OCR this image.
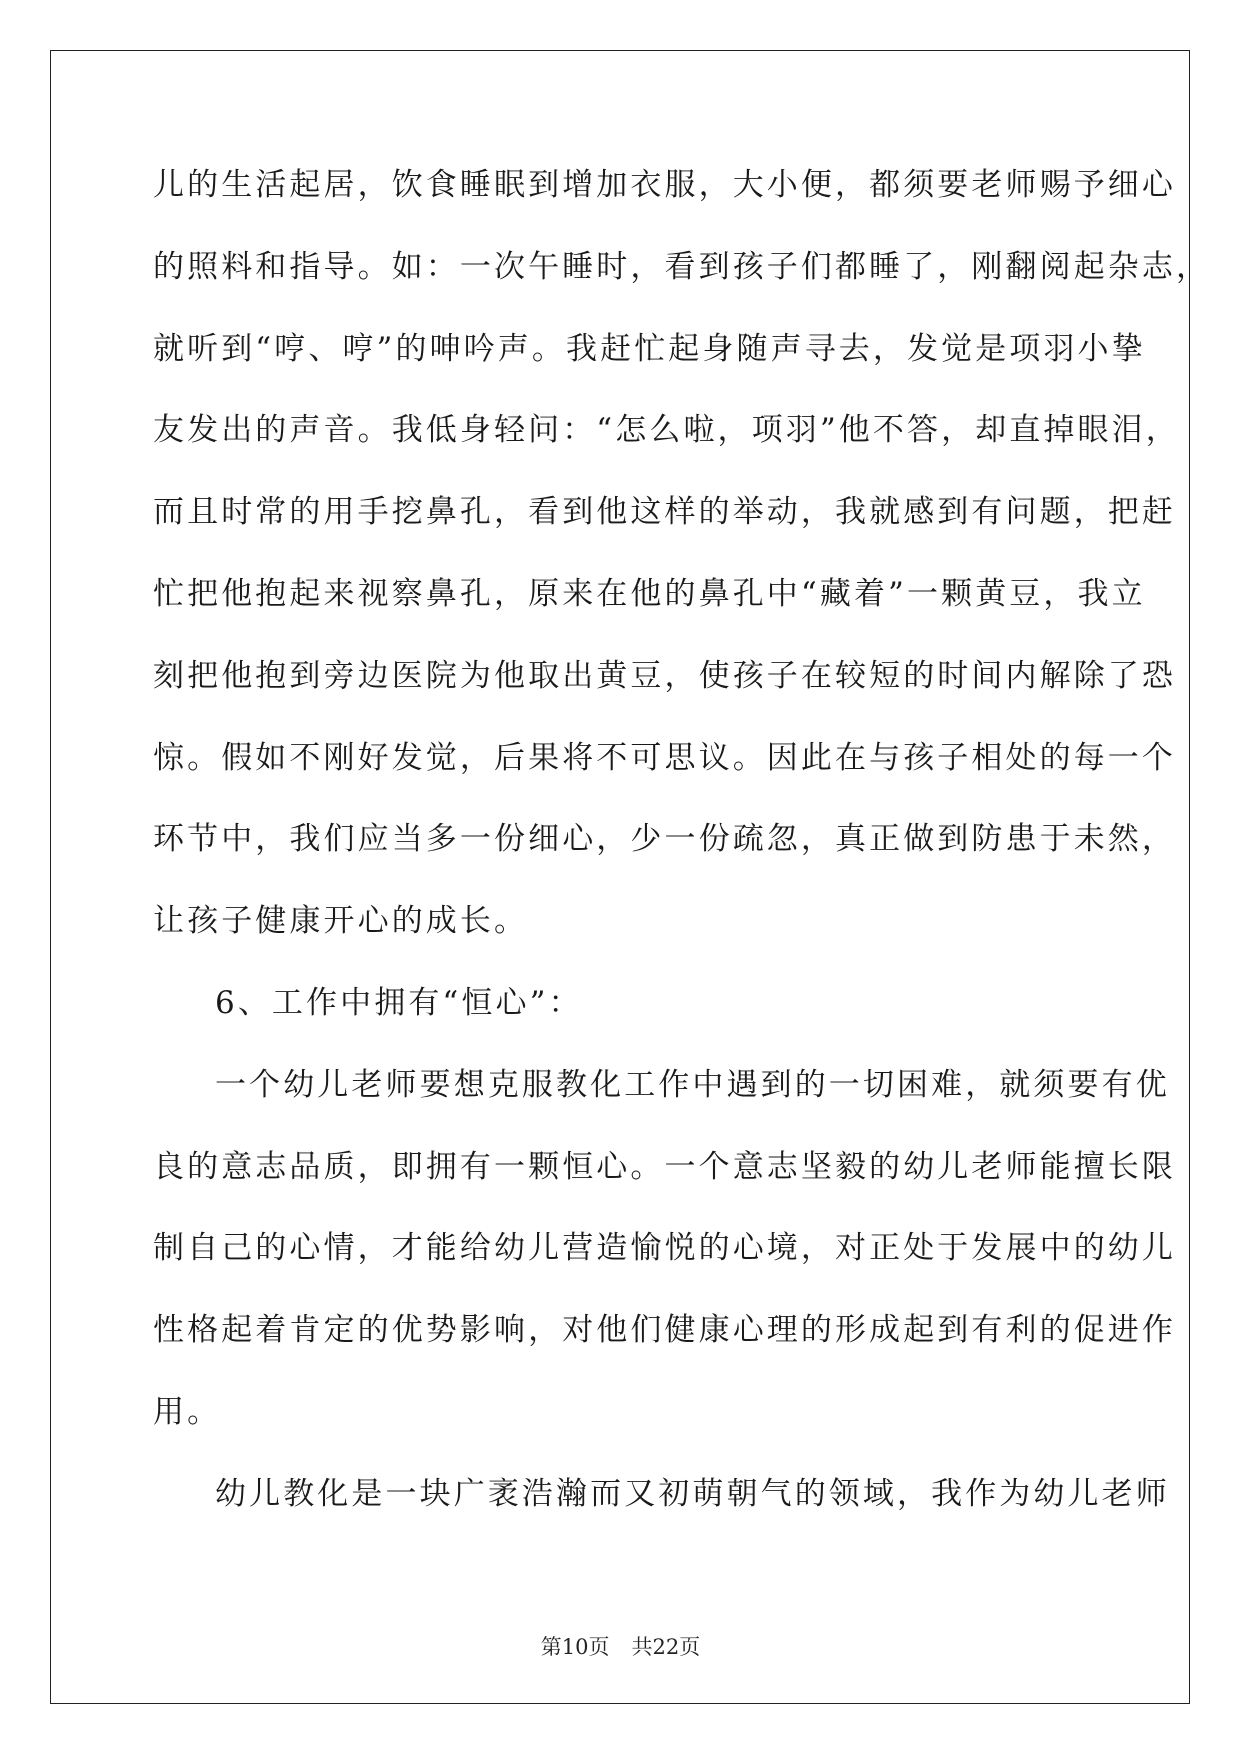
儿的生活起居，饮食睡眠到增加衣服，大小便，都须要老师赐予细心
的照料和指导。如：一次午睡时，看到孩子们都睡了，刚翻阅起杂志，
就听到“哼、哼”的呻吟声。我赶忙起身随声寻去，发觉是项羽小挚
友发出的声音。我低身轻问：“怎么啦，项羽”他不答，却直掉眼泪，
而且时常的用手挖鼻孔，看到他这样的举动，我就感到有问题，把赶
忙把他抱起来视察鼻孔，原来在他的鼻孔中“藏着”一颗黄豆，我立
刻把他抱到旁边医院为他取出黄豆，使孩子在较短的时间内解除了恐
惊。假如不刚好发觉，后果将不可思议。因此在与孩子相处的每一个
环节中，我们应当多一份细心，少一份疏忽，真正做到防患于未然，
让孩子健康开心的成长。
6、工作中拥有“恒心”：
一个幼儿老师要想克服教化工作中遇到的一切困难，就须要有优
良的意志品质，即拥有一颗恒心。一个意志坚毅的幼儿老师能擅长限
制自己的心情，才能给幼儿营造愉悦的心境，对正处于发展中的幼儿
性格起着肯定的优势影响，对他们健康心理的形成起到有利的促进作
用。
幼儿教化是一块广袤浩瀚而又初萌朝气的领域，我作为幼儿老师
第10页 共22页
